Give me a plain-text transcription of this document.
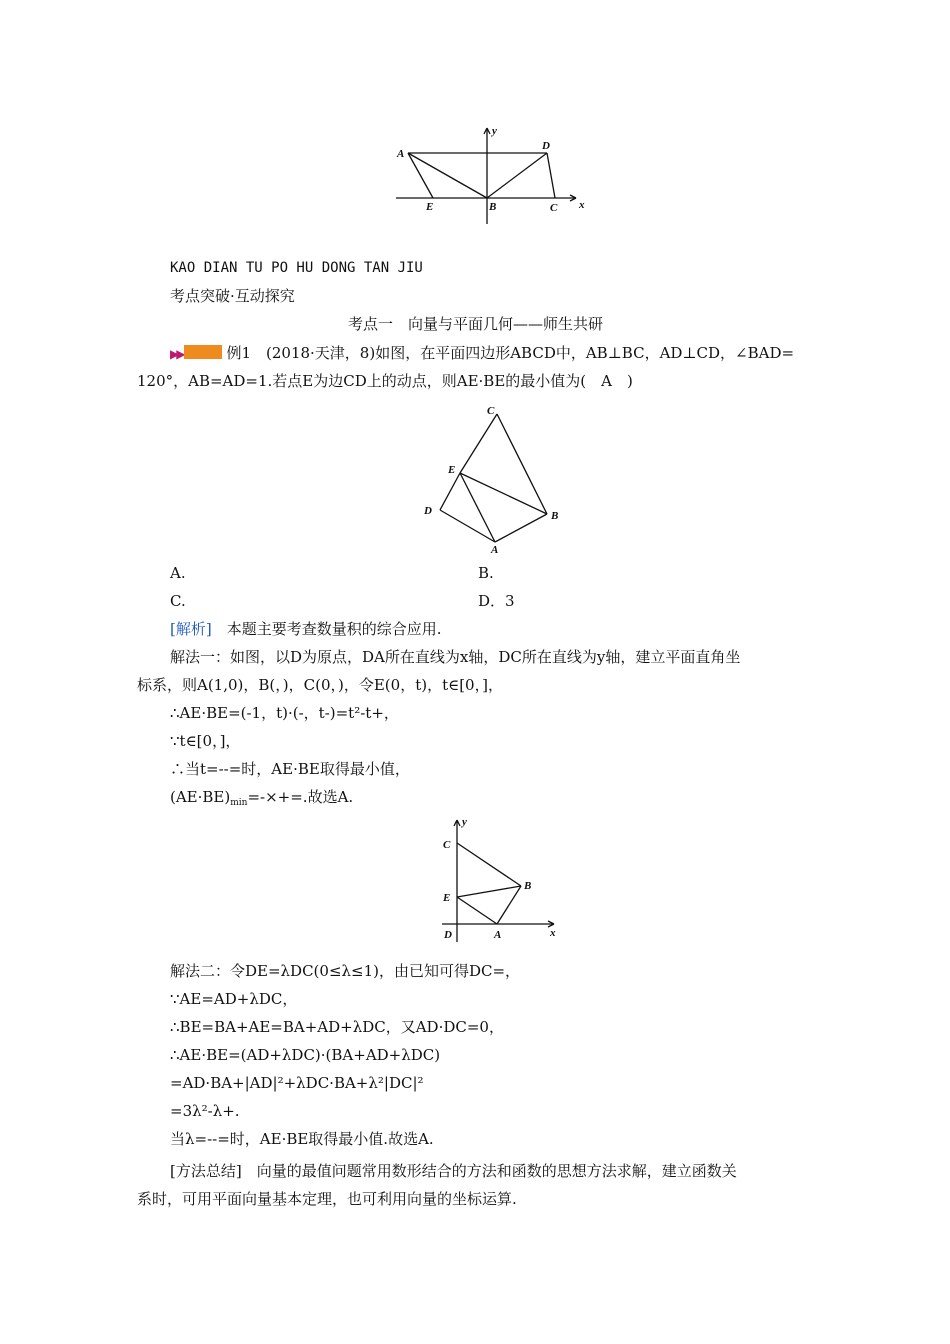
A
D
E	B	C x
y
KAO DIAN TU PO HU DONG TAN JIU
考点突破·互动探究
考点一　向量与平面几何——师生共研
▶▶	例1　(2018·天津，8)如图，在平面四边形ABCD中，AB⊥BC，AD⊥CD，∠BAD=
120°，AB=AD=1.若点E为边CD上的动点，则AE·BE的最小值为(　A　)
C
E
D	B
A
A.	B.
C.	D．3
[解析]　本题主要考查数量积的综合应用.
解法一：如图，以D为原点，DA所在直线为x轴，DC所在直线为y轴，建立平面直角坐
标系，则A(1,0)，B(，)，C(0，)，令E(0，t)，t∈[0，]，
∴AE·BE=(-1，t)·(-，t-)=t²-t+，
∵t∈[0，]，
∴当t=--=时，AE·BE取得最小值，
$(AE\cdot BE)_{min}=-\times+=$.故选A.
y
C
E
B
D	A	x
解法二：令DE=λDC(0≤λ≤1)，由已知可得DC=，
∵AE=AD+λDC，
∴BE=BA+AE=BA+AD+λDC，又AD·DC=0，
∴AE·BE=(AD+λDC)·(BA+AD+λDC)
=AD·BA+|AD|²+λDC·BA+λ²|DC|²
=3λ²-λ+.
当λ=--=时，AE·BE取得最小值.故选A.
[方法总结]　向量的最值问题常用数形结合的方法和函数的思想方法求解，建立函数关
系时，可用平面向量基本定理，也可利用向量的坐标运算.
